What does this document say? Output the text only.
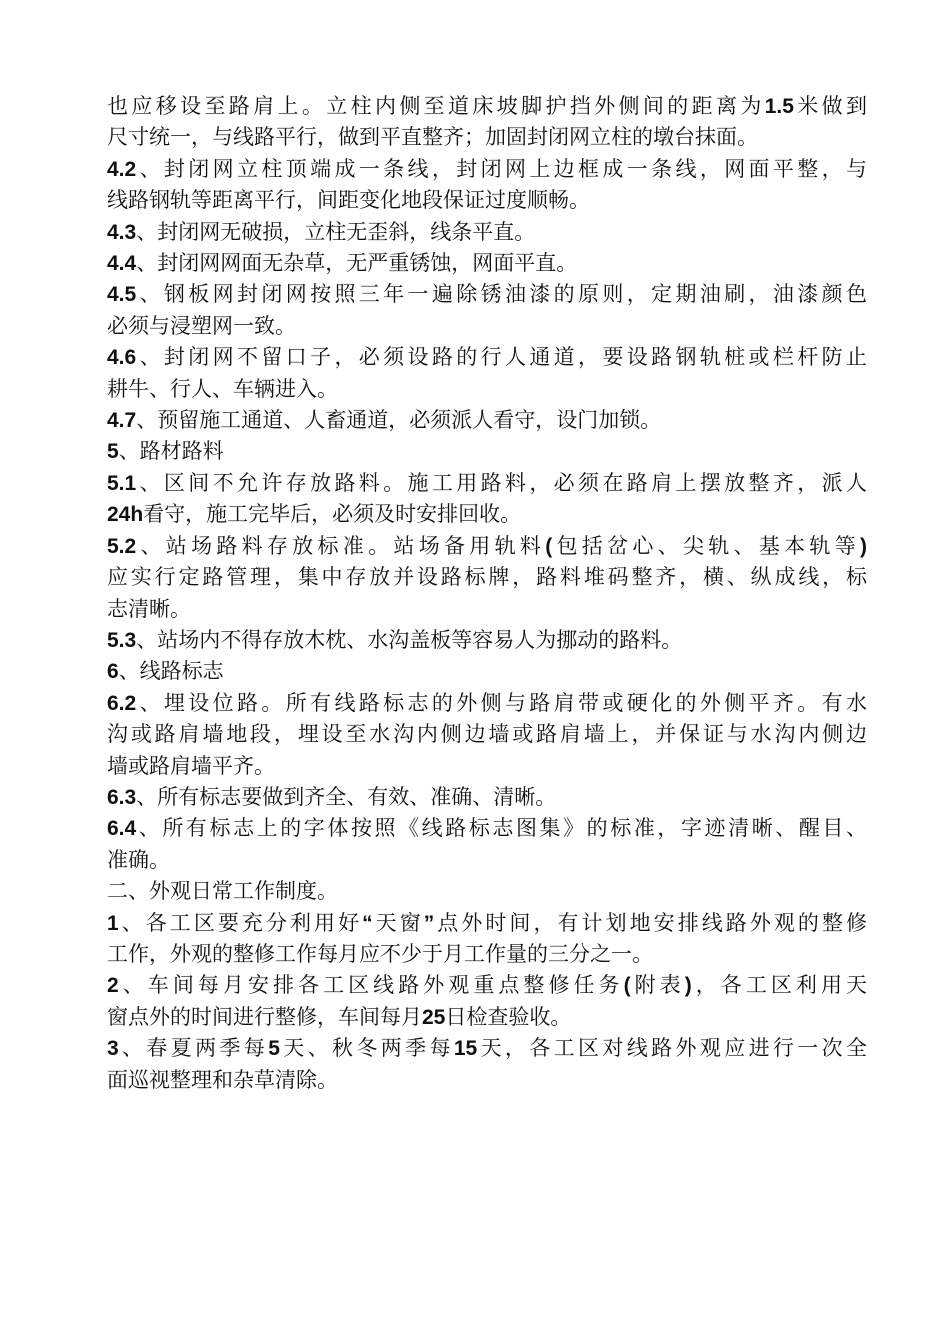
也应移设至路肩上。立柱内侧至道床坡脚护挡外侧间的距离为1.5米做到
尺寸统一，与线路平行，做到平直整齐；加固封闭网立柱的墩台抹面。
4.2、封闭网立柱顶端成一条线，封闭网上边框成一条线，网面平整，与
线路钢轨等距离平行，间距变化地段保证过度顺畅。
4.3、封闭网无破损，立柱无歪斜，线条平直。
4.4、封闭网网面无杂草，无严重锈蚀，网面平直。
4.5、钢板网封闭网按照三年一遍除锈油漆的原则，定期油刷，油漆颜色
必须与浸塑网一致。
4.6、封闭网不留口子，必须设路的行人通道，要设路钢轨桩或栏杆防止
耕牛、行人、车辆进入。
4.7、预留施工通道、人畜通道，必须派人看守，设门加锁。
5、路材路料
5.1、区间不允许存放路料。施工用路料，必须在路肩上摆放整齐，派人
24h看守，施工完毕后，必须及时安排回收。
5.2、站场路料存放标准。站场备用轨料(包括岔心、尖轨、基本轨等)
应实行定路管理，集中存放并设路标牌，路料堆码整齐，横、纵成线，标
志清晰。
5.3、站场内不得存放木枕、水沟盖板等容易人为挪动的路料。
6、线路标志
6.2、埋设位路。所有线路标志的外侧与路肩带或硬化的外侧平齐。有水
沟或路肩墙地段，埋设至水沟内侧边墙或路肩墙上，并保证与水沟内侧边
墙或路肩墙平齐。
6.3、所有标志要做到齐全、有效、准确、清晰。
6.4、所有标志上的字体按照《线路标志图集》的标准，字迹清晰、醒目、
准确。
二、外观日常工作制度。
1、各工区要充分利用好“天窗”点外时间，有计划地安排线路外观的整修
工作，外观的整修工作每月应不少于月工作量的三分之一。
2、车间每月安排各工区线路外观重点整修任务(附表)，各工区利用天
窗点外的时间进行整修，车间每月25日检查验收。
3、春夏两季每5天、秋冬两季每15天，各工区对线路外观应进行一次全
面巡视整理和杂草清除。
